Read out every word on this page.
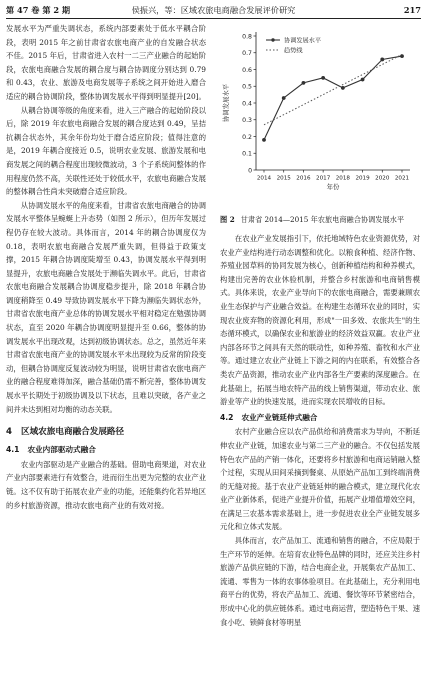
第 47 卷 第 2 期	侯振兴，等：区域农旅电商融合发展评价研究	217

发展水平为严重失调状态，系统内部要素处于低水平耦合阶段，表明 2015 年之前甘肃省农旅电商产业的自发融合状态不佳。2015 年后，甘肃省进入农村一二三产业融合的起始阶段，农旅电商融合发展的耦合度与耦合协调度分别达到 0.79 和 0.43，农业、旅游及电商发展等子系统之间开始进入磨合适应的耦合协调阶段，整体协调发展水平得到明显提升[20]。

从耦合协调等级的角度来看，进入三产融合的起始阶段以后，除 2019 年农旅电商融合发展的耦合度达到 0.49，呈拮抗耦合状态外，其余年份均处于磨合适应阶段；值得注意的是，2019 年耦合度接近 0.5，说明农业发展、旅游发展和电商发展之间的耦合程度出现较微波动，3 个子系统间整体的作用程度仍然不高，关联性还处于较低水平，农旅电商融合发展的整体耦合性尚未突破磨合适应阶段。

从协调发展水平的角度来看，甘肃省农旅电商融合的协调发展水平整体呈蜿蜒上升态势（如图 2 所示），但历年发展过程仍存在较大波动。具体而言，2014 年的耦合协调度仅为 0.18，表明农旅电商融合发展严重失调，但得益于政策支撑，2015 年耦合协调度陡增至 0.43，协调发展水平得到明显提升，农旅电商融合发展处于濒临失调水平。此后，甘肃省农旅电商融合发展耦合协调度稳步提升，除 2018 年耦合协调度稍降至 0.49 导致协调发展水平下降为濒临失调状态外，甘肃省农旅电商产业总体的协调发展水平相对稳定在勉强协调状态，直至 2020 年耦合协调度明显提升至 0.66，整体的协调发展水平出现改观，达到初级协调状态。总之，虽然近年来甘肃省农旅电商产业的协调发展水平未出现较为反常的阶段变动，但耦合协调度反复波动较为明显，说明甘肃省农旅电商产业的融合程度难得加深，融合基础仍需不断完善，整体协调发展水平长期处于初级协调及以下状态，且难以突破，各产业之间并未达到相对均衡的动态关联。

4 区域农旅电商融合发展路径
4.1 农业内部驱动式融合

农业内部驱动是产业融合的基础。借助电商果道，对农业产业内部要素进行有效整合，进而衍生出更为完整的农业产业链。这不仅有助于拓展农业产业的功能，还能集约化若异地区的乡村旅游资源，推动农旅电商产业的有效对接。

0
0.1
0.2
0.3
0.4
0.5
0.6
0.7
0.8
2014 2015 2016 2017 2018 2019 2020 2021
年份
协调发展水平
协调发展水平
趋势线
图 2 甘肃省 2014—2015 年农旅电商融合协调发展水平

在农业产业发展指引下，依托地域特色农业资源优势，对农业产业结构进行动态调整和优化。以粮食种植、经济作物、养殖业园草料的协同发展为核心，创新种植结构和种养模式，构建出完善的农业休验机制，并整合乡村旅游和电商销售模式。具体来说，农业产业导向下的农旅电商融合，需要兼顾农业生态保护与产业融合效益。在构建生态循环农业的同时，实现农业废弃物的资源化利用，形成"一田多效、农旅共生"的生态循环模式，以确保农业和旅游业的经济效益双赢。农业产业内部各环节之间具有天然的联动性，如种养殖、畜牧和水产业等。通过建立农业产业链上下游之间的内在联系，有效整合各类农产品资源，推动农业产业内部各生产要素的深度融合。在此基础上，拓展当地农特产品的线上销售渠道，带动农业、旅游业等产业的快速发展，进而实现农民增收的目标。

4.2 农业产业链延伸式融合

农村产业融合应以农产品供给和消费需求为导向，不断延伸农业产业链，加速农业与第二三产业的融合。不仅包括发展特色农产品的产销一体化，还要将乡村旅游和电商运销融入整个过程，实现从田间采摘到餐桌、从原始产品加工到终端消费的无缝对接。基于农业产业链延伸的融合模式，建立现代化农业产业新体系，促进产业提升价值，拓展产业增值增效空间，在满足三农基本需求基础上，进一步促进农业全产业链发展多元化和立体式发展。

具体而言，农产品加工、流通和销售的融合，不应局限于生产环节的延伸。在培育农业特色品牌的同时，还应关注乡村旅游产品供应链的下游，结合电商企业，开展集农产品加工、流通、零售为一体的农事体验项目。在此基础上，充分利用电商平台的优势，将农产品加工、流通、餐饮等环节紧密结合，形成中心化的供应链体系。通过电商运营，塑造特色干果、速食小吃、锁鲜食材等明星
